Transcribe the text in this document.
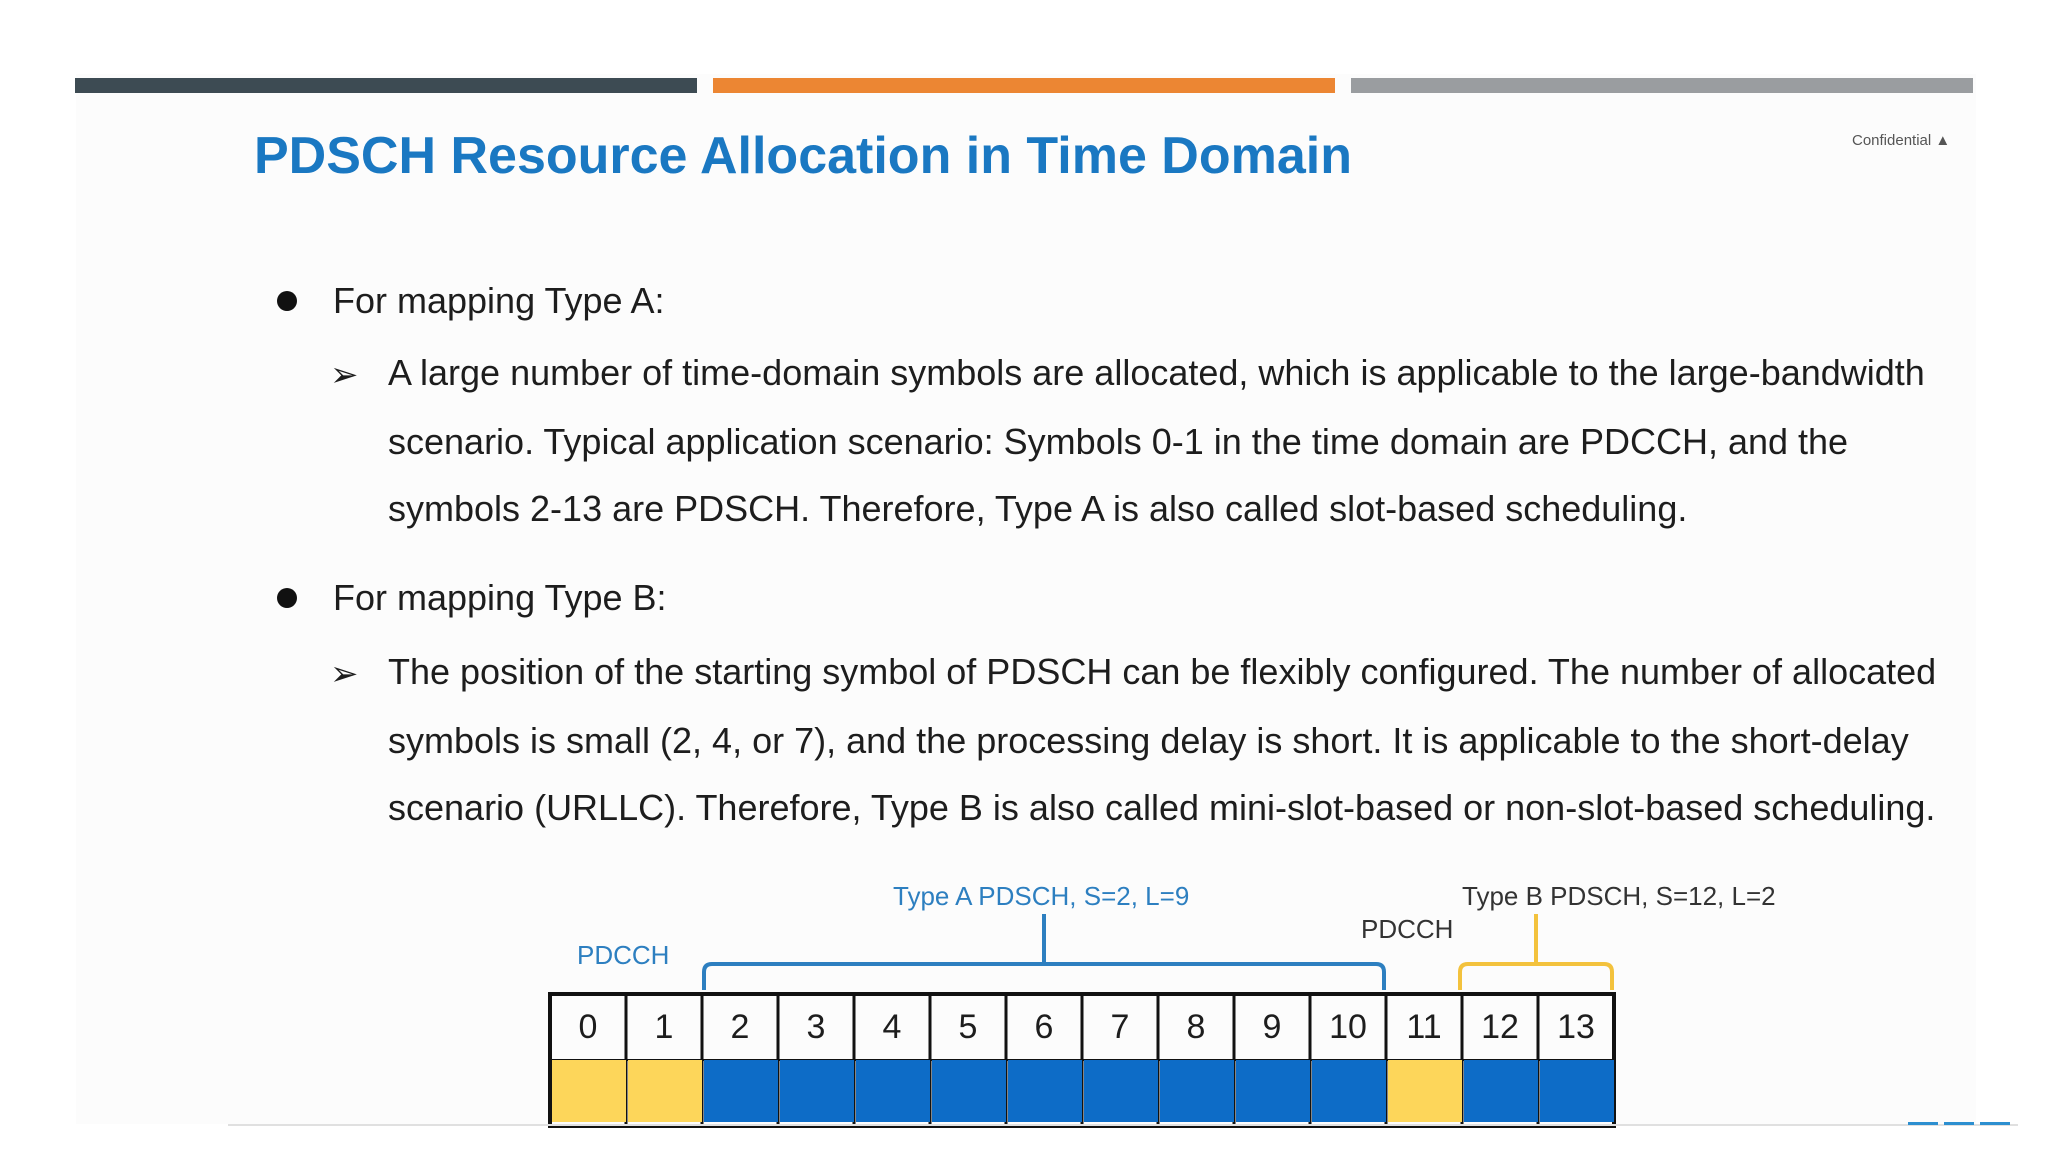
PDSCH Resource Allocation in Time Domain	Confidential ▲
For mapping Type A:
➢ A large number of time-domain symbols are allocated, which is applicable to the large-bandwidth
scenario. Typical application scenario: Symbols 0-1 in the time domain are PDCCH, and the
symbols 2-13 are PDSCH. Therefore, Type A is also called slot-based scheduling.
For mapping Type B:
➢ The position of the starting symbol of PDSCH can be flexibly configured. The number of allocated
symbols is small (2, 4, or 7), and the processing delay is short. It is applicable to the short-delay
scenario (URLLC). Therefore, Type B is also called mini-slot-based or non-slot-based scheduling.
Type A PDSCH, S=2, L=9	Type B PDSCH, S=12, L=2
PDCCH
PDCCH
0	1	2	3	4	5	6	7	8	9	10	11	12	13
